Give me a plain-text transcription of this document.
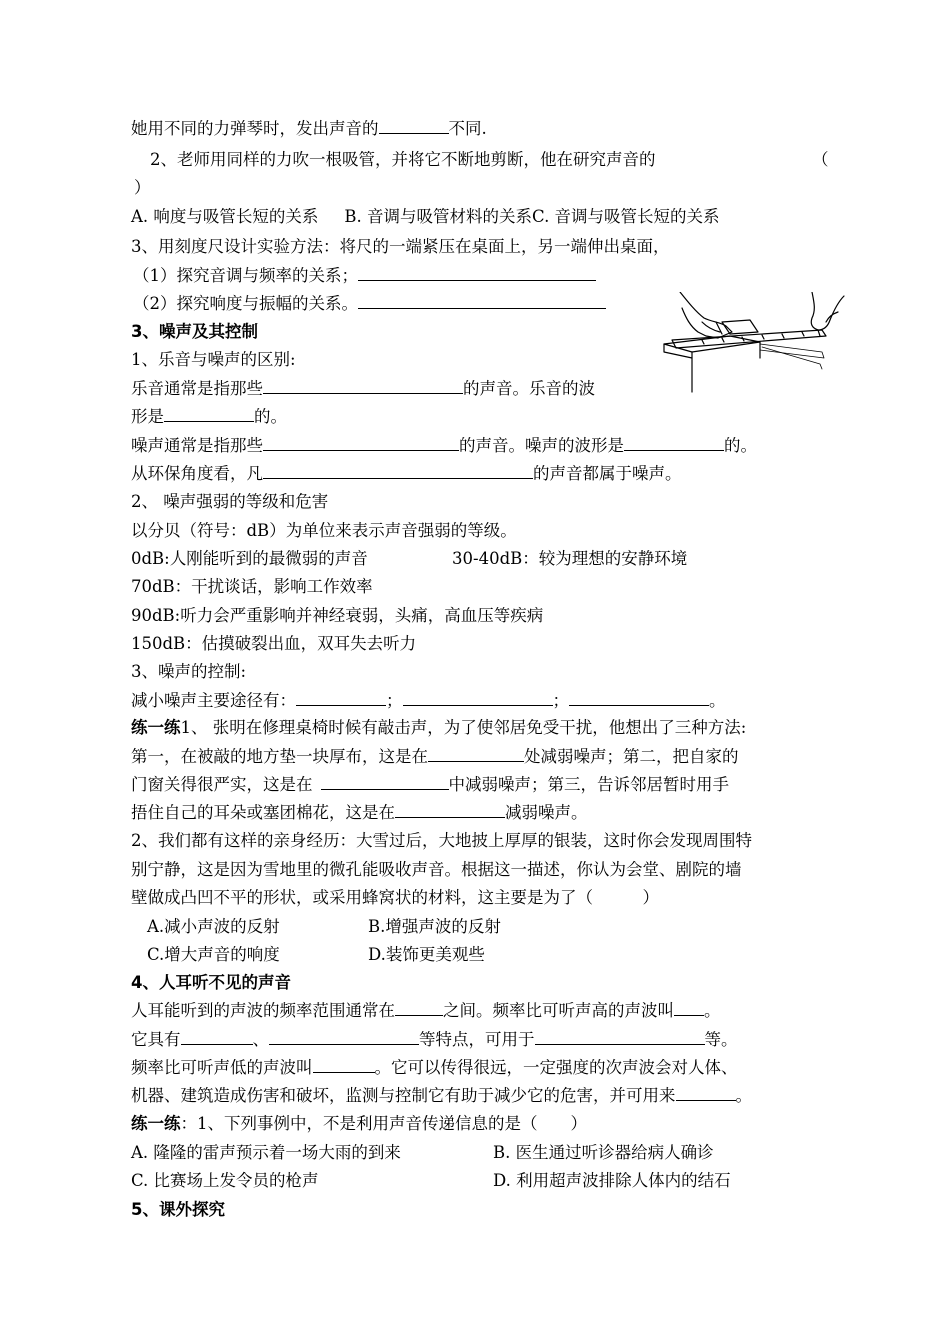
她用不同的力弹琴时，发出声音的	不同.
2、老师用同样的力吹一根吸管，并将它不断地剪断，他在研究声音的	（
）
A. 响度与吸管长短的关系 B. 音调与吸管材料的关系C. 音调与吸管长短的关系
3、用刻度尺设计实验方法：将尺的一端紧压在桌面上，另一端伸出桌面，
（1）探究音调与频率的关系；
（2）探究响度与振幅的关系。
3、噪声及其控制
1、乐音与噪声的区别:
乐音通常是指那些	的声音。乐音的波
形是	的。
噪声通常是指那些	的声音。噪声的波形是	的。
从环保角度看，凡	的声音都属于噪声。
2、 噪声强弱的等级和危害
以分贝（符号：dB）为单位来表示声音强弱的等级。
0dB:人刚能听到的最微弱的声音	30-40dB：较为理想的安静环境
70dB：干扰谈话，影响工作效率
90dB:听力会严重影响并神经衰弱，头痛，高血压等疾病
150dB：估摸破裂出血，双耳失去听力
3、噪声的控制:
减小噪声主要途径有：	；	；	。
练一练1、 张明在修理桌椅时候有敲击声，为了使邻居免受干扰，他想出了三种方法:
第一，在被敲的地方垫一块厚布，这是在	处减弱噪声；第二，把自家的
门窗关得很严实，这是在	中减弱噪声；第三，告诉邻居暂时用手
捂住自己的耳朵或塞团棉花，这是在	减弱噪声。
2、我们都有这样的亲身经历：大雪过后，大地披上厚厚的银装，这时你会发现周围特
别宁静，这是因为雪地里的微孔能吸收声音。根据这一描述，你认为会堂、剧院的墙
壁做成凸凹不平的形状，或采用蜂窝状的材料，这主要是为了（　　　）
A.减小声波的反射	B.增强声波的反射
C.增大声音的响度	D.装饰更美观些
4、人耳听不见的声音
人耳能听到的声波的频率范围通常在	之间。频率比可听声高的声波叫 。
它具有	、	等特点，可用于	等。
频率比可听声低的声波叫	。它可以传得很远，一定强度的次声波会对人体、
机器、建筑造成伤害和破坏，监测与控制它有助于减少它的危害，并可用来	。
练一练：1、下列事例中，不是利用声音传递信息的是（　　）
A. 隆隆的雷声预示着一场大雨的到来	B. 医生通过听诊器给病人确诊
C. 比赛场上发令员的枪声	D. 利用超声波排除人体内的结石
5、课外探究
